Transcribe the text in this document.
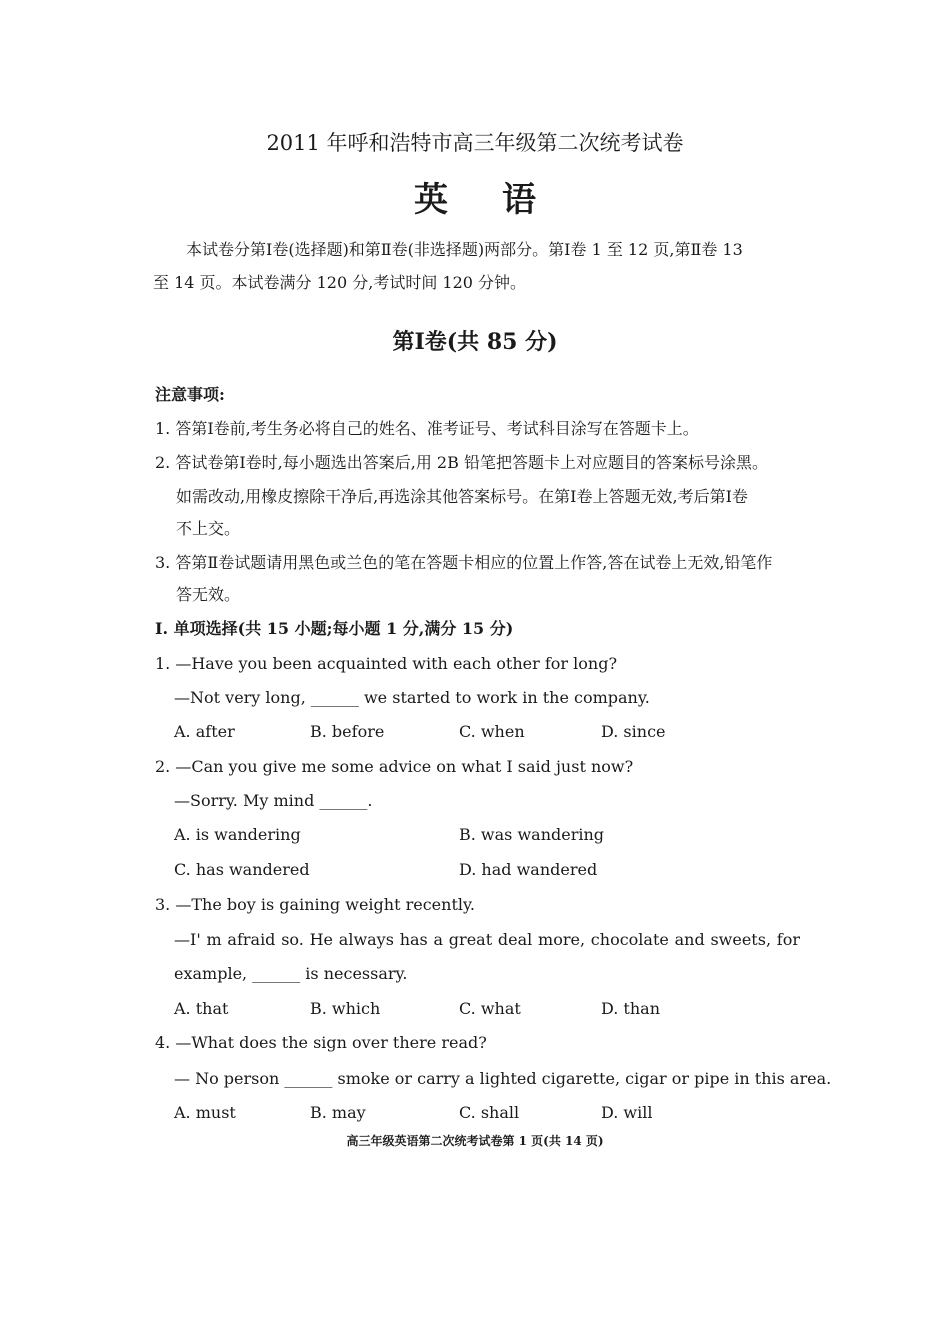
2011 年呼和浩特市高三年级第二次统考试卷
英语
本试卷分第Ⅰ卷(选择题)和第Ⅱ卷(非选择题)两部分。第Ⅰ卷 1 至 12 页,第Ⅱ卷 13
至 14 页。本试卷满分 120 分,考试时间 120 分钟。
第Ⅰ卷(共 85 分)
注意事项:
1. 答第Ⅰ卷前,考生务必将自己的姓名、准考证号、考试科目涂写在答题卡上。
2. 答试卷第Ⅰ卷时,每小题选出答案后,用 2B 铅笔把答题卡上对应题目的答案标号涂黑。
如需改动,用橡皮擦除干净后,再选涂其他答案标号。在第Ⅰ卷上答题无效,考后第Ⅰ卷
不上交。
3. 答第Ⅱ卷试题请用黑色或兰色的笔在答题卡相应的位置上作答,答在试卷上无效,铅笔作
答无效。
Ⅰ. 单项选择(共 15 小题;每小题 1 分,满分 15 分)
1. —Have you been acquainted with each other for long?
—Not very long, ______ we started to work in the company.
A. after	B. before	C. when	D. since
2. —Can you give me some advice on what I said just now?
—Sorry. My mind ______.
A. is wandering	B. was wandering
C. has wandered	D. had wandered
3. —The boy is gaining weight recently.
—I' m afraid so. He always has a great deal more, chocolate and sweets, for
example, ______ is necessary.
A. that	B. which	C. what	D. than
4. —What does the sign over there read?
— No person ______ smoke or carry a lighted cigarette, cigar or pipe in this area.
A. must	B. may	C. shall	D. will
高三年级英语第二次统考试卷第 1 页(共 14 页)
